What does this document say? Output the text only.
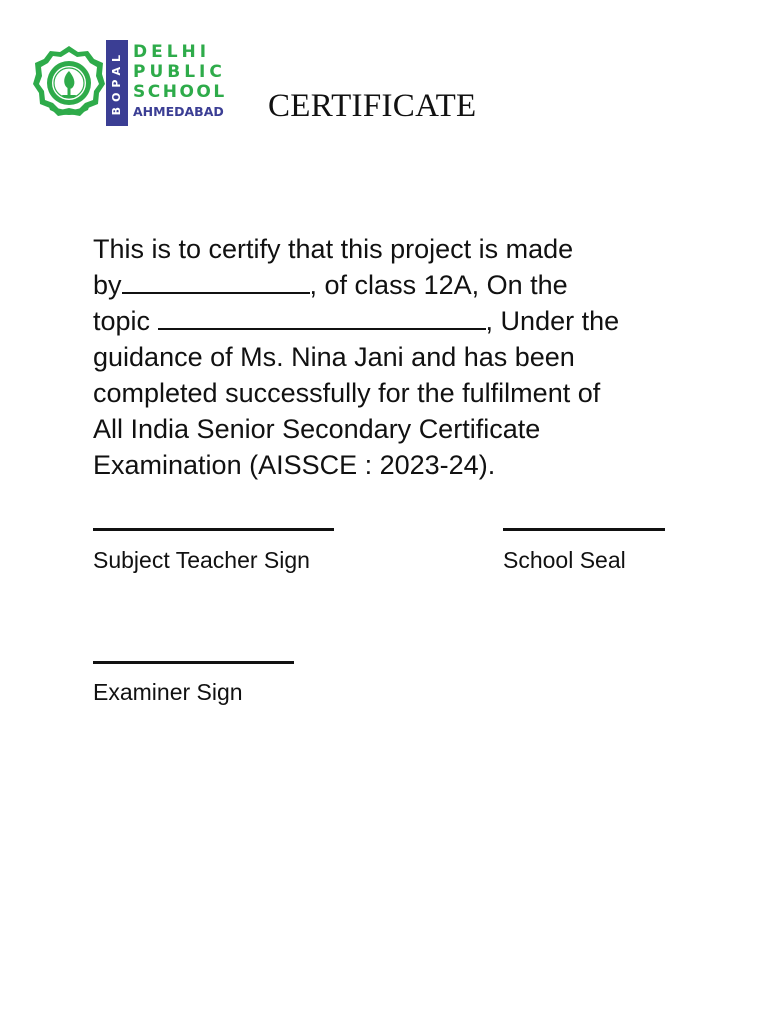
BOPAL DELHI
PUBLIC
SCHOOL
AHMEDABAD	CERTIFICATE
This is to certify that this project is made
by	, of class 12A, On the
topic	, Under the
guidance of Ms. Nina Jani and has been
completed successfully for the fulfilment of
All India Senior Secondary Certificate
Examination (AISSCE : 2023-24).
Subject Teacher Sign	School Seal
Examiner Sign
